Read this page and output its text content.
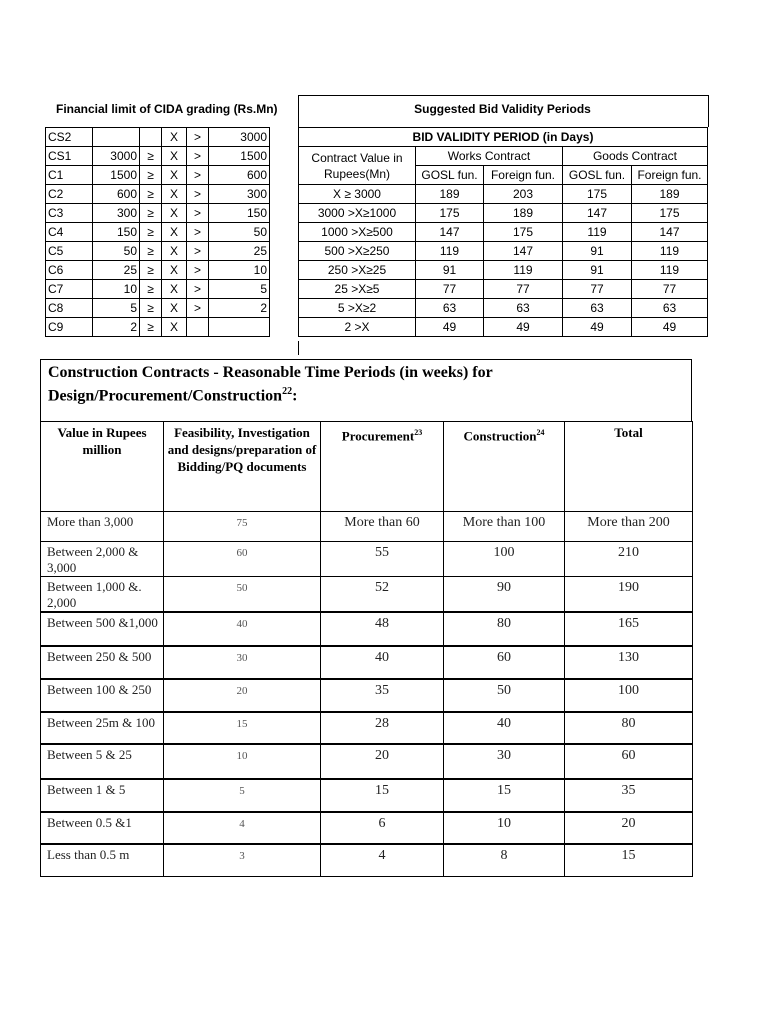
Financial limit of CIDA grading (Rs.Mn)
CS2			X	>	3000
CS1	3000	≥	X	>	1500
C1	1500	≥	X	>	600
C2	600	≥	X	>	300
C3	300	≥	X	>	150
C4	150	≥	X	>	50
C5	50	≥	X	>	25
C6	25	≥	X	>	10
C7	10	≥	X	>	5
C8	5	≥	X	>	2
C9	2	≥	X		
Suggested Bid Validity Periods
BID VALIDITY PERIOD (in Days)				
Contract Value in Rupees(Mn)	Works Contract		Goods Contract	
	GOSL fun.	Foreign fun.	GOSL fun.	Foreign fun.
X ≥ 3000	189	203	175	189
3000 >X≥1000	175	189	147	175
1000 >X≥500	147	175	119	147
500 >X≥250	119	147	91	119
250 >X≥25	91	119	91	119
25 >X≥5	77	77	77	77
5 >X≥2	63	63	63	63
2 >X	49	49	49	49
Construction Contracts - Reasonable Time Periods (in weeks) for Design/Procurement/Construction$^{22}$:
Value in Rupees million	Feasibility, Investigation and designs/preparation of Bidding/PQ documents	Procurement$^{23}$	Construction$^{24}$	Total
More than 3,000	75	More than 60	More than 100	More than 200
Between 2,000 & 3,000	60	55	100	210
Between 1,000 &. 2,000	50	52	90	190
Between 500 &1,000	40	48	80	165
Between 250 & 500	30	40	60	130
Between 100 & 250	20	35	50	100
Between 25m & 100	15	28	40	80
Between 5 & 25	10	20	30	60
Between 1 & 5	5	15	15	35
Between 0.5 &1	4	6	10	20
Less than 0.5 m	3	4	8	15
